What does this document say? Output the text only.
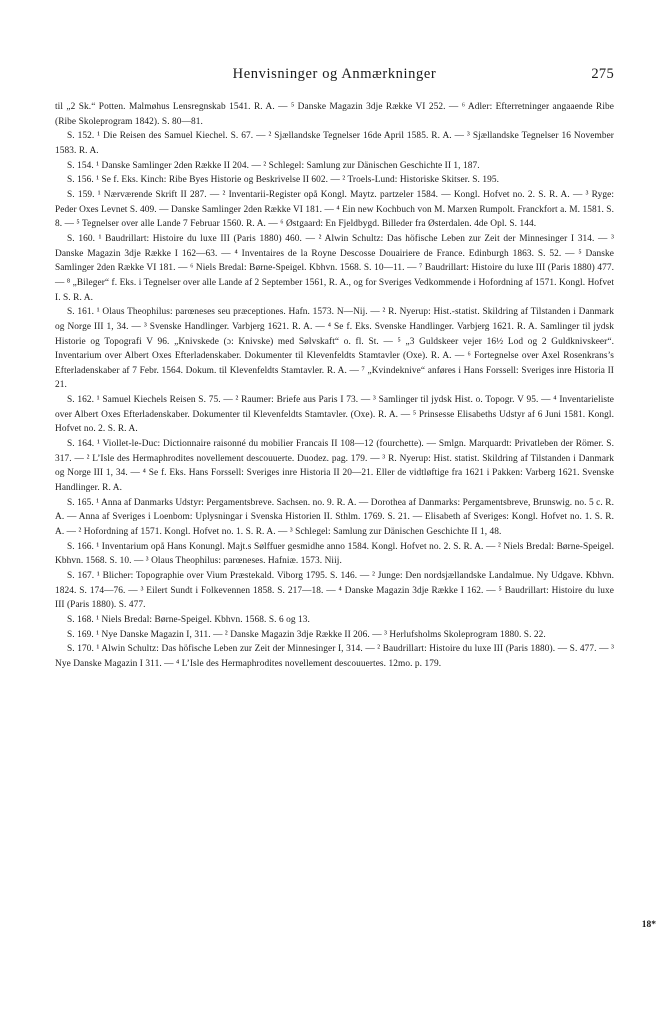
Henvisninger og Anmærkninger	275

til „2 Sk.“ Potten. Malmøhus Lensregnskab 1541. R. A. — ⁵ Danske Magazin 3dje Række VI 252. — ⁶ Adler: Efterretninger angaaende Ribe (Ribe Skoleprogram 1842). S. 80—81.

S. 152. ¹ Die Reisen des Samuel Kiechel. S. 67. — ² Sjællandske Tegnelser 16de April 1585. R. A. — ³ Sjællandske Tegnelser 16 November 1583. R. A.

S. 154. ¹ Danske Samlinger 2den Række II 204. — ² Schlegel: Samlung zur Dänischen Geschichte II 1, 187.

S. 156. ¹ Se f. Eks. Kinch: Ribe Byes Historie og Beskrivelse II 602. — ² Troels-Lund: Historiske Skitser. S. 195.

S. 159. ¹ Nærværende Skrift II 287. — ² Inventarii-Register opå Kongl. Maytz. partzeler 1584. — Kongl. Hofvet no. 2. S. R. A. — ³ Ryge: Peder Oxes Levnet S. 409. — Danske Samlinger 2den Række VI 181. — ⁴ Ein new Kochbuch von M. Marxen Rumpolt. Franckfort a. M. 1581. S. 8. — ⁵ Tegnelser over alle Lande 7 Februar 1560. R. A. — ⁶ Østgaard: En Fjeldbygd. Billeder fra Østerdalen. 4de Opl. S. 144.

S. 160. ¹ Baudrillart: Histoire du luxe III (Paris 1880) 460. — ² Alwin Schultz: Das höfische Leben zur Zeit der Minnesinger I 314. — ³ Danske Magazin 3dje Række I 162—63. — ⁴ Inventaires de la Royne Descosse Douairiere de France. Edinburgh 1863. S. 52. — ⁵ Danske Samlinger 2den Række VI 181. — ⁶ Niels Bredal: Børne-Speigel. Kbhvn. 1568. S. 10—11. — ⁷ Baudrillart: Histoire du luxe III (Paris 1880) 477. — ⁸ „Bileger“ f. Eks. i Tegnelser over alle Lande af 2 September 1561, R. A., og for Sveriges Vedkommende i Hofordning af 1571. Kongl. Hofvet I. S. R. A.

S. 161. ¹ Olaus Theophilus: parœneses seu præceptiones. Hafn. 1573. N—Nij. — ² R. Nyerup: Hist.-statist. Skildring af Tilstanden i Danmark og Norge III 1, 34. — ³ Svenske Handlinger. Varbjerg 1621. R. A. — ⁴ Se f. Eks. Svenske Handlinger. Varbjerg 1621. R. A. Samlinger til jydsk Historie og Topografi V 96. „Knivskede (ɔ: Knivske) med Sølvskaft“ o. fl. St. — ⁵ „3 Guldskeer vejer 16½ Lod og 2 Guldknivskeer“. Inventarium over Albert Oxes Efterladenskaber. Dokumenter til Klevenfeldts Stamtavler (Oxe). R. A. — ⁶ Fortegnelse over Axel Rosenkrans’s Efterladenskaber af 7 Febr. 1564. Dokum. til Klevenfeldts Stamtavler. R. A. — ⁷ „Kvindeknive“ anføres i Hans Forssell: Sveriges inre Historia II 21.

S. 162. ¹ Samuel Kiechels Reisen S. 75. — ² Raumer: Briefe aus Paris I 73. — ³ Samlinger til jydsk Hist. o. Topogr. V 95. — ⁴ Inventarieliste over Albert Oxes Efterladenskaber. Dokumenter til Klevenfeldts Stamtavler. (Oxe). R. A. — ⁵ Prinsesse Elisabeths Udstyr af 6 Juni 1581. Kongl. Hofvet no. 2. S. R. A.

S. 164. ¹ Viollet-le-Duc: Dictionnaire raisonné du mobilier Francais II 108—12 (fourchette). — Smlgn. Marquardt: Privatleben der Römer. S. 317. — ² L’Isle des Hermaphrodites novellement descouuerte. Duodez. pag. 179. — ³ R. Nyerup: Hist. statist. Skildring af Tilstanden i Danmark og Norge III 1, 34. — ⁴ Se f. Eks. Hans Forssell: Sveriges inre Historia II 20—21. Eller de vidtløftige fra 1621 i Pakken: Varberg 1621. Svenske Handlinger. R. A.

S. 165. ¹ Anna af Danmarks Udstyr: Pergamentsbreve. Sachsen. no. 9. R. A. — Dorothea af Danmarks: Pergamentsbreve, Brunswig. no. 5 c. R. A. — Anna af Sveriges i Loenbom: Uplysningar i Svenska Historien II. Sthlm. 1769. S. 21. — Elisabeth af Sveriges: Kongl. Hofvet no. 1. S. R. A. — ² Hofordning af 1571. Kongl. Hofvet no. 1. S. R. A. — ³ Schlegel: Samlung zur Dänischen Geschichte II 1, 48.

S. 166. ¹ Inventarium opå Hans Konungl. Majt.s Sølffuer gesmidhe anno 1584. Kongl. Hofvet no. 2. S. R. A. — ² Niels Bredal: Børne-Speigel. Kbhvn. 1568. S. 10. — ³ Olaus Theophilus: parœneses. Hafniæ. 1573. Niij.

S. 167. ¹ Blicher: Topographie over Vium Præstekald. Viborg 1795. S. 146. — ² Junge: Den nordsjællandske Landalmue. Ny Udgave. Kbhvn. 1824. S. 174—76. — ³ Eilert Sundt i Folkevennen 1858. S. 217—18. — ⁴ Danske Magazin 3dje Række I 162. — ⁵ Baudrillart: Histoire du luxe III (Paris 1880). S. 477.

S. 168. ¹ Niels Bredal: Børne-Speigel. Kbhvn. 1568. S. 6 og 13.

S. 169. ¹ Nye Danske Magazin I, 311. — ² Danske Magazin 3dje Række II 206. — ³ Herlufsholms Skoleprogram 1880. S. 22.

S. 170. ¹ Alwin Schultz: Das höfische Leben zur Zeit der Minnesinger I, 314. — ² Baudrillart: Histoire du luxe III (Paris 1880). — S. 477. — ³ Nye Danske Magazin I 311. — ⁴ L’Isle des Hermaphrodites novellement descouuertes. 12mo. p. 179.

18*
